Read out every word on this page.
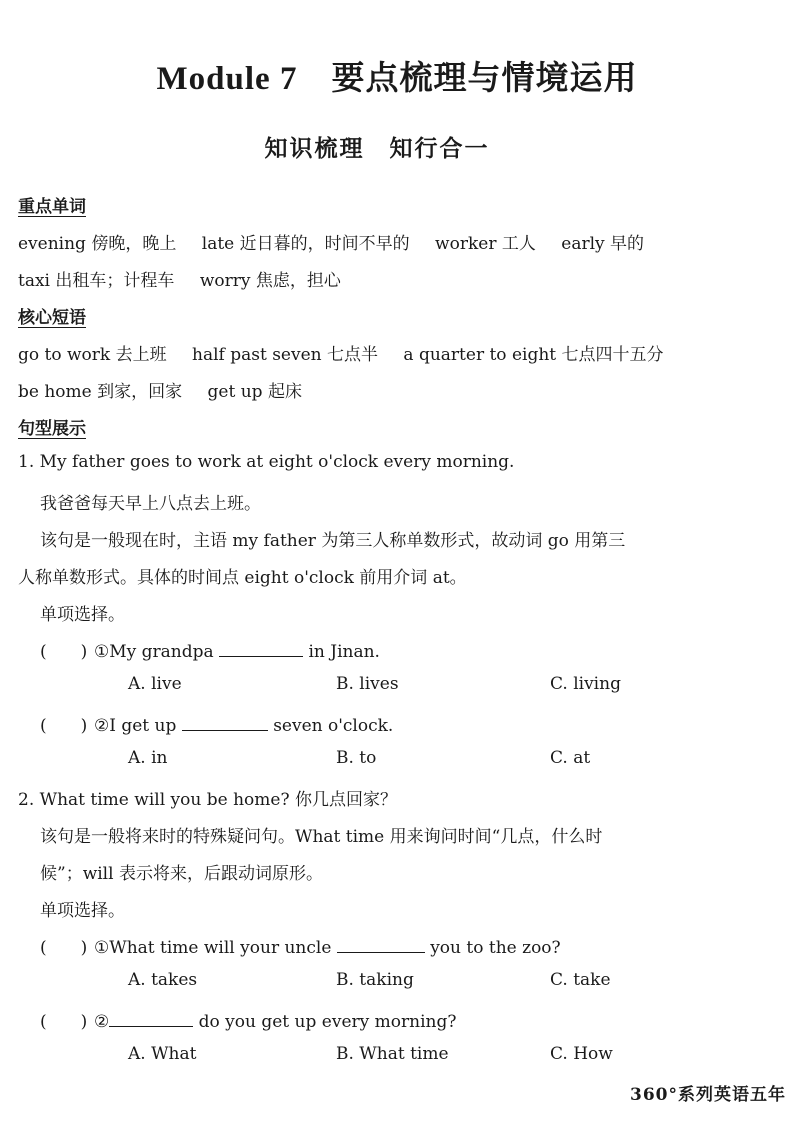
Module 7　要点梳理与情境运用
知识梳理　知行合一
重点单词
evening 傍晚，晚上 late 近日暮的，时间不早的 worker 工人 early 早的
taxi 出租车；计程车 worry 焦虑，担心
核心短语
go to work 去上班 half past seven 七点半 a quarter to eight 七点四十五分
be home 到家，回家 get up 起床
句型展示
1. My father goes to work at eight o'clock every morning.
我爸爸每天早上八点去上班。
该句是一般现在时，主语 my father 为第三人称单数形式，故动词 go 用第三
人称单数形式。具体的时间点 eight o'clock 前用介词 at。
单项选择。
(　　) ①My grandpa	in Jinan.
A. live	B. lives	C. living
(　　) ②I get up	seven o'clock.
A. in	B. to	C. at
2. What time will you be home? 你几点回家？
该句是一般将来时的特殊疑问句。What time 用来询问时间“几点，什么时
候”；will 表示将来，后跟动词原形。
单项选择。
(　　) ①What time will your uncle	you to the zoo?
A. takes	B. taking	C. take
(　　) ②	do you get up every morning?
A. What	B. What time	C. How
360°系列英语五年
